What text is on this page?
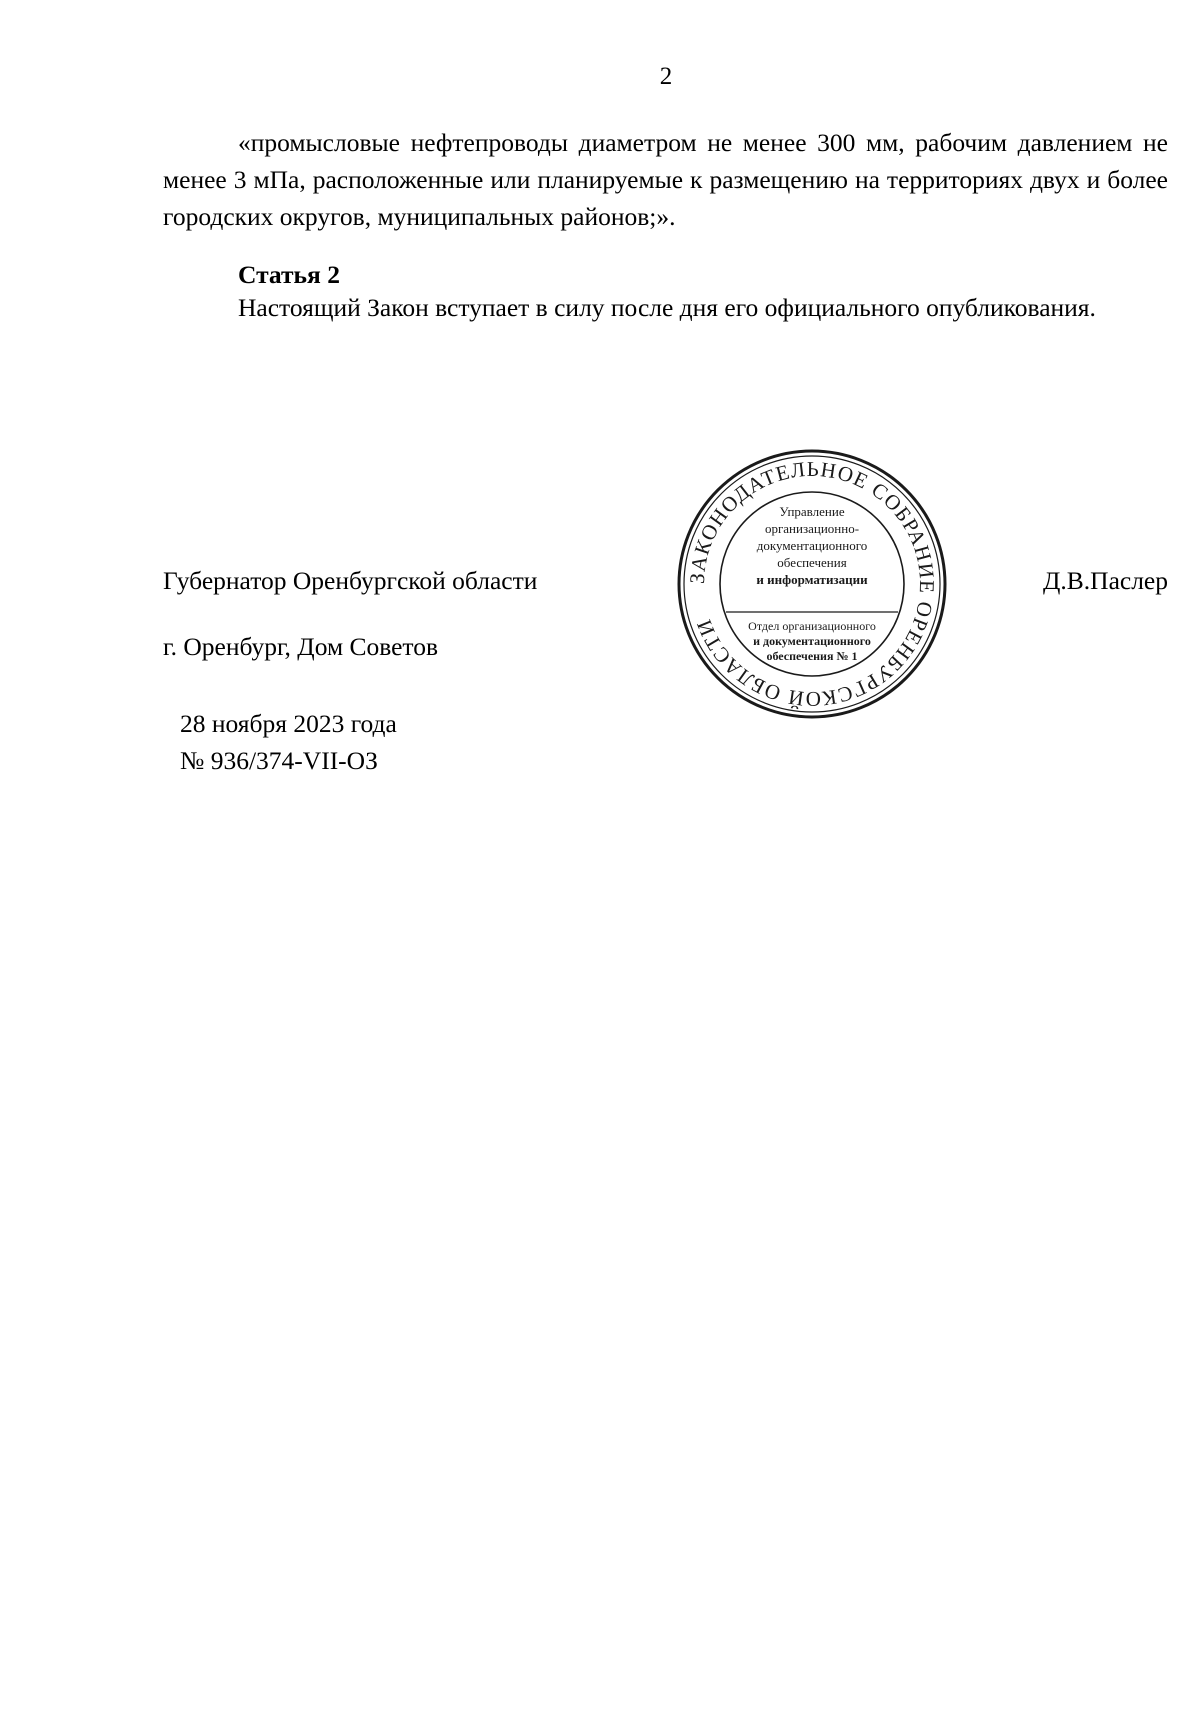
2

«промысловые нефтепроводы диаметром не менее 300 мм, рабочим давлением не менее 3 мПа, расположенные или планируемые к размещению на территориях двух и более городских округов, муниципальных районов;».

Статья 2

Настоящий Закон вступает в силу после дня его официального опубликования.

Губернатор Оренбургской области	Д.В.Паслер
г. Оренбург, Дом Советов
28 ноября 2023 года
№ 936/374-VII-ОЗ
ЗАКОНОДАТЕЛЬНОЕ СОБРАНИЕ ОРЕНБУРГСКОЙ ОБЛАСТИ
Управление
организационно-
документационного
обеспечения
и информатизации
Отдел организационного
и документационного
обеспечения № 1
